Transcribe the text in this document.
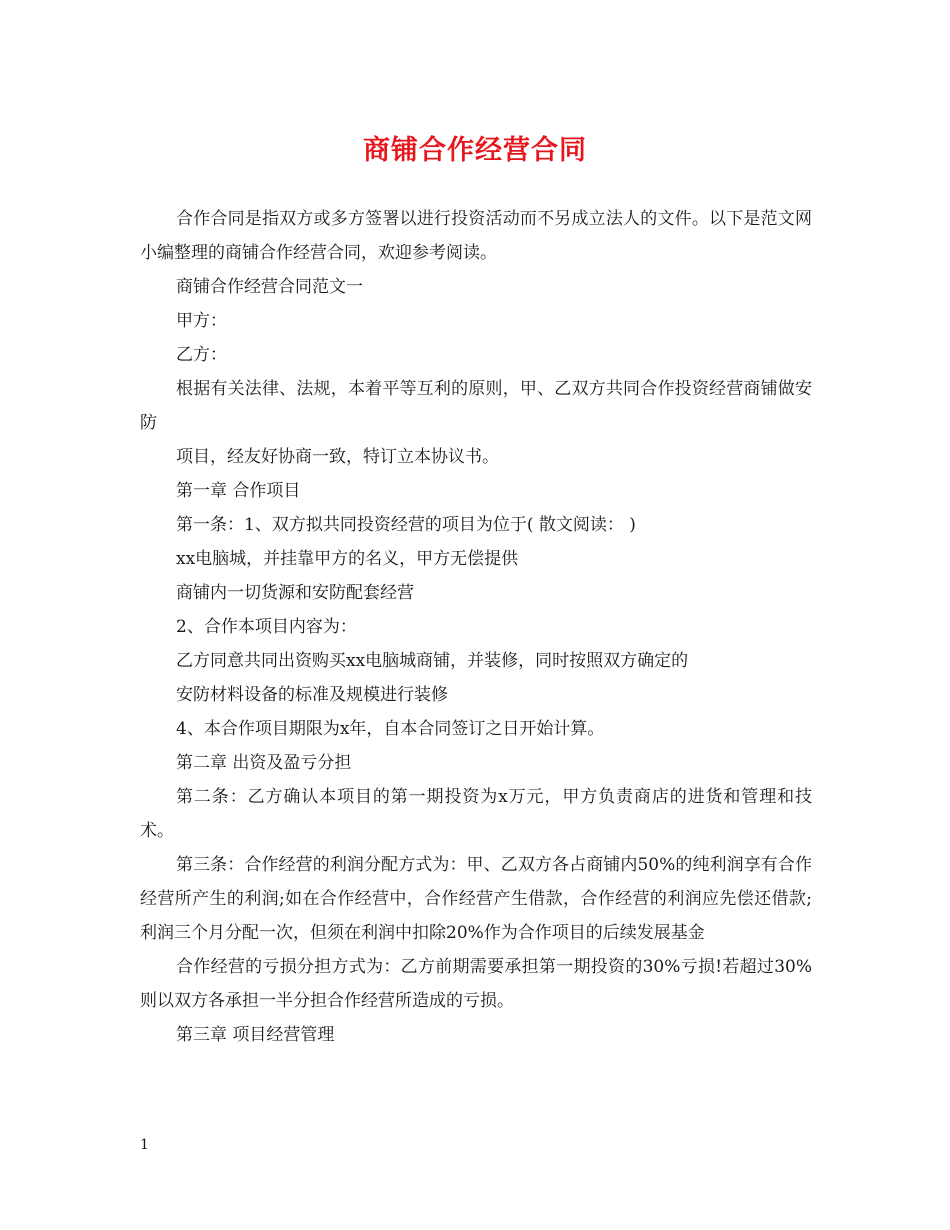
商铺合作经营合同

合作合同是指双方或多方签署以进行投资活动而不另成立法人的文件。以下是范文网小编整理的商铺合作经营合同，欢迎参考阅读。

商铺合作经营合同范文一

甲方：

乙方：

根据有关法律、法规，本着平等互利的原则，甲、乙双方共同合作投资经营商铺做安防

项目，经友好协商一致，特订立本协议书。

第一章 合作项目

第一条：1、双方拟共同投资经营的项目为位于( 散文阅读： )

xx电脑城，并挂靠甲方的名义，甲方无偿提供

商铺内一切货源和安防配套经营

2、合作本项目内容为：

乙方同意共同出资购买xx电脑城商铺，并装修，同时按照双方确定的

安防材料设备的标准及规模进行装修

4、本合作项目期限为x年，自本合同签订之日开始计算。

第二章 出资及盈亏分担

第二条：乙方确认本项目的第一期投资为x万元，甲方负责商店的进货和管理和技术。

第三条：合作经营的利润分配方式为：甲、乙双方各占商铺内50%的纯利润享有合作经营所产生的利润;如在合作经营中，合作经营产生借款，合作经营的利润应先偿还借款;利润三个月分配一次，但须在利润中扣除20%作为合作项目的后续发展基金

合作经营的亏损分担方式为：乙方前期需要承担第一期投资的30%亏损!若超过30%则以双方各承担一半分担合作经营所造成的亏损。

第三章 项目经营管理

1
